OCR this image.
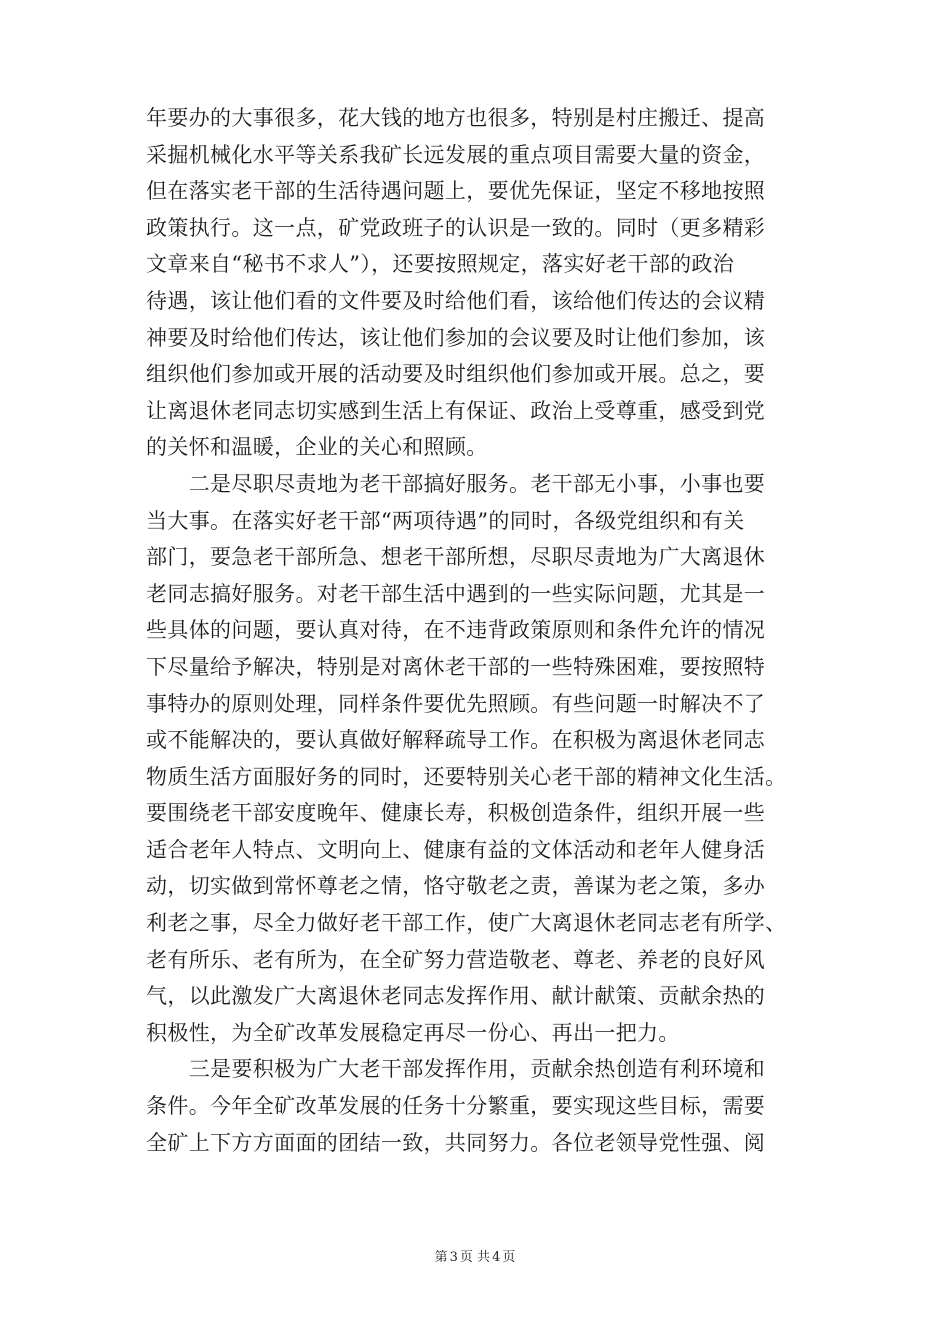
年要办的大事很多，花大钱的地方也很多，特别是村庄搬迁、提高
采掘机械化水平等关系我矿长远发展的重点项目需要大量的资金，
但在落实老干部的生活待遇问题上，要优先保证，坚定不移地按照
政策执行。这一点，矿党政班子的认识是一致的。同时（更多精彩
文章来自“秘书不求人”），还要按照规定，落实好老干部的政治
待遇，该让他们看的文件要及时给他们看，该给他们传达的会议精
神要及时给他们传达，该让他们参加的会议要及时让他们参加，该
组织他们参加或开展的活动要及时组织他们参加或开展。总之，要
让离退休老同志切实感到生活上有保证、政治上受尊重，感受到党
的关怀和温暖，企业的关心和照顾。

　　二是尽职尽责地为老干部搞好服务。老干部无小事，小事也要
当大事。在落实好老干部“两项待遇”的同时，各级党组织和有关
部门，要急老干部所急、想老干部所想，尽职尽责地为广大离退休
老同志搞好服务。对老干部生活中遇到的一些实际问题，尤其是一
些具体的问题，要认真对待，在不违背政策原则和条件允许的情况
下尽量给予解决，特别是对离休老干部的一些特殊困难，要按照特
事特办的原则处理，同样条件要优先照顾。有些问题一时解决不了
或不能解决的，要认真做好解释疏导工作。在积极为离退休老同志
物质生活方面服好务的同时，还要特别关心老干部的精神文化生活。
要围绕老干部安度晚年、健康长寿，积极创造条件，组织开展一些
适合老年人特点、文明向上、健康有益的文体活动和老年人健身活
动，切实做到常怀尊老之情，恪守敬老之责，善谋为老之策，多办
利老之事，尽全力做好老干部工作，使广大离退休老同志老有所学、
老有所乐、老有所为，在全矿努力营造敬老、尊老、养老的良好风
气，以此激发广大离退休老同志发挥作用、献计献策、贡献余热的
积极性，为全矿改革发展稳定再尽一份心、再出一把力。

　　三是要积极为广大老干部发挥作用，贡献余热创造有利环境和
条件。今年全矿改革发展的任务十分繁重，要实现这些目标，需要
全矿上下方方面面的团结一致，共同努力。各位老领导党性强、阅

第 3 页 共 4 页
